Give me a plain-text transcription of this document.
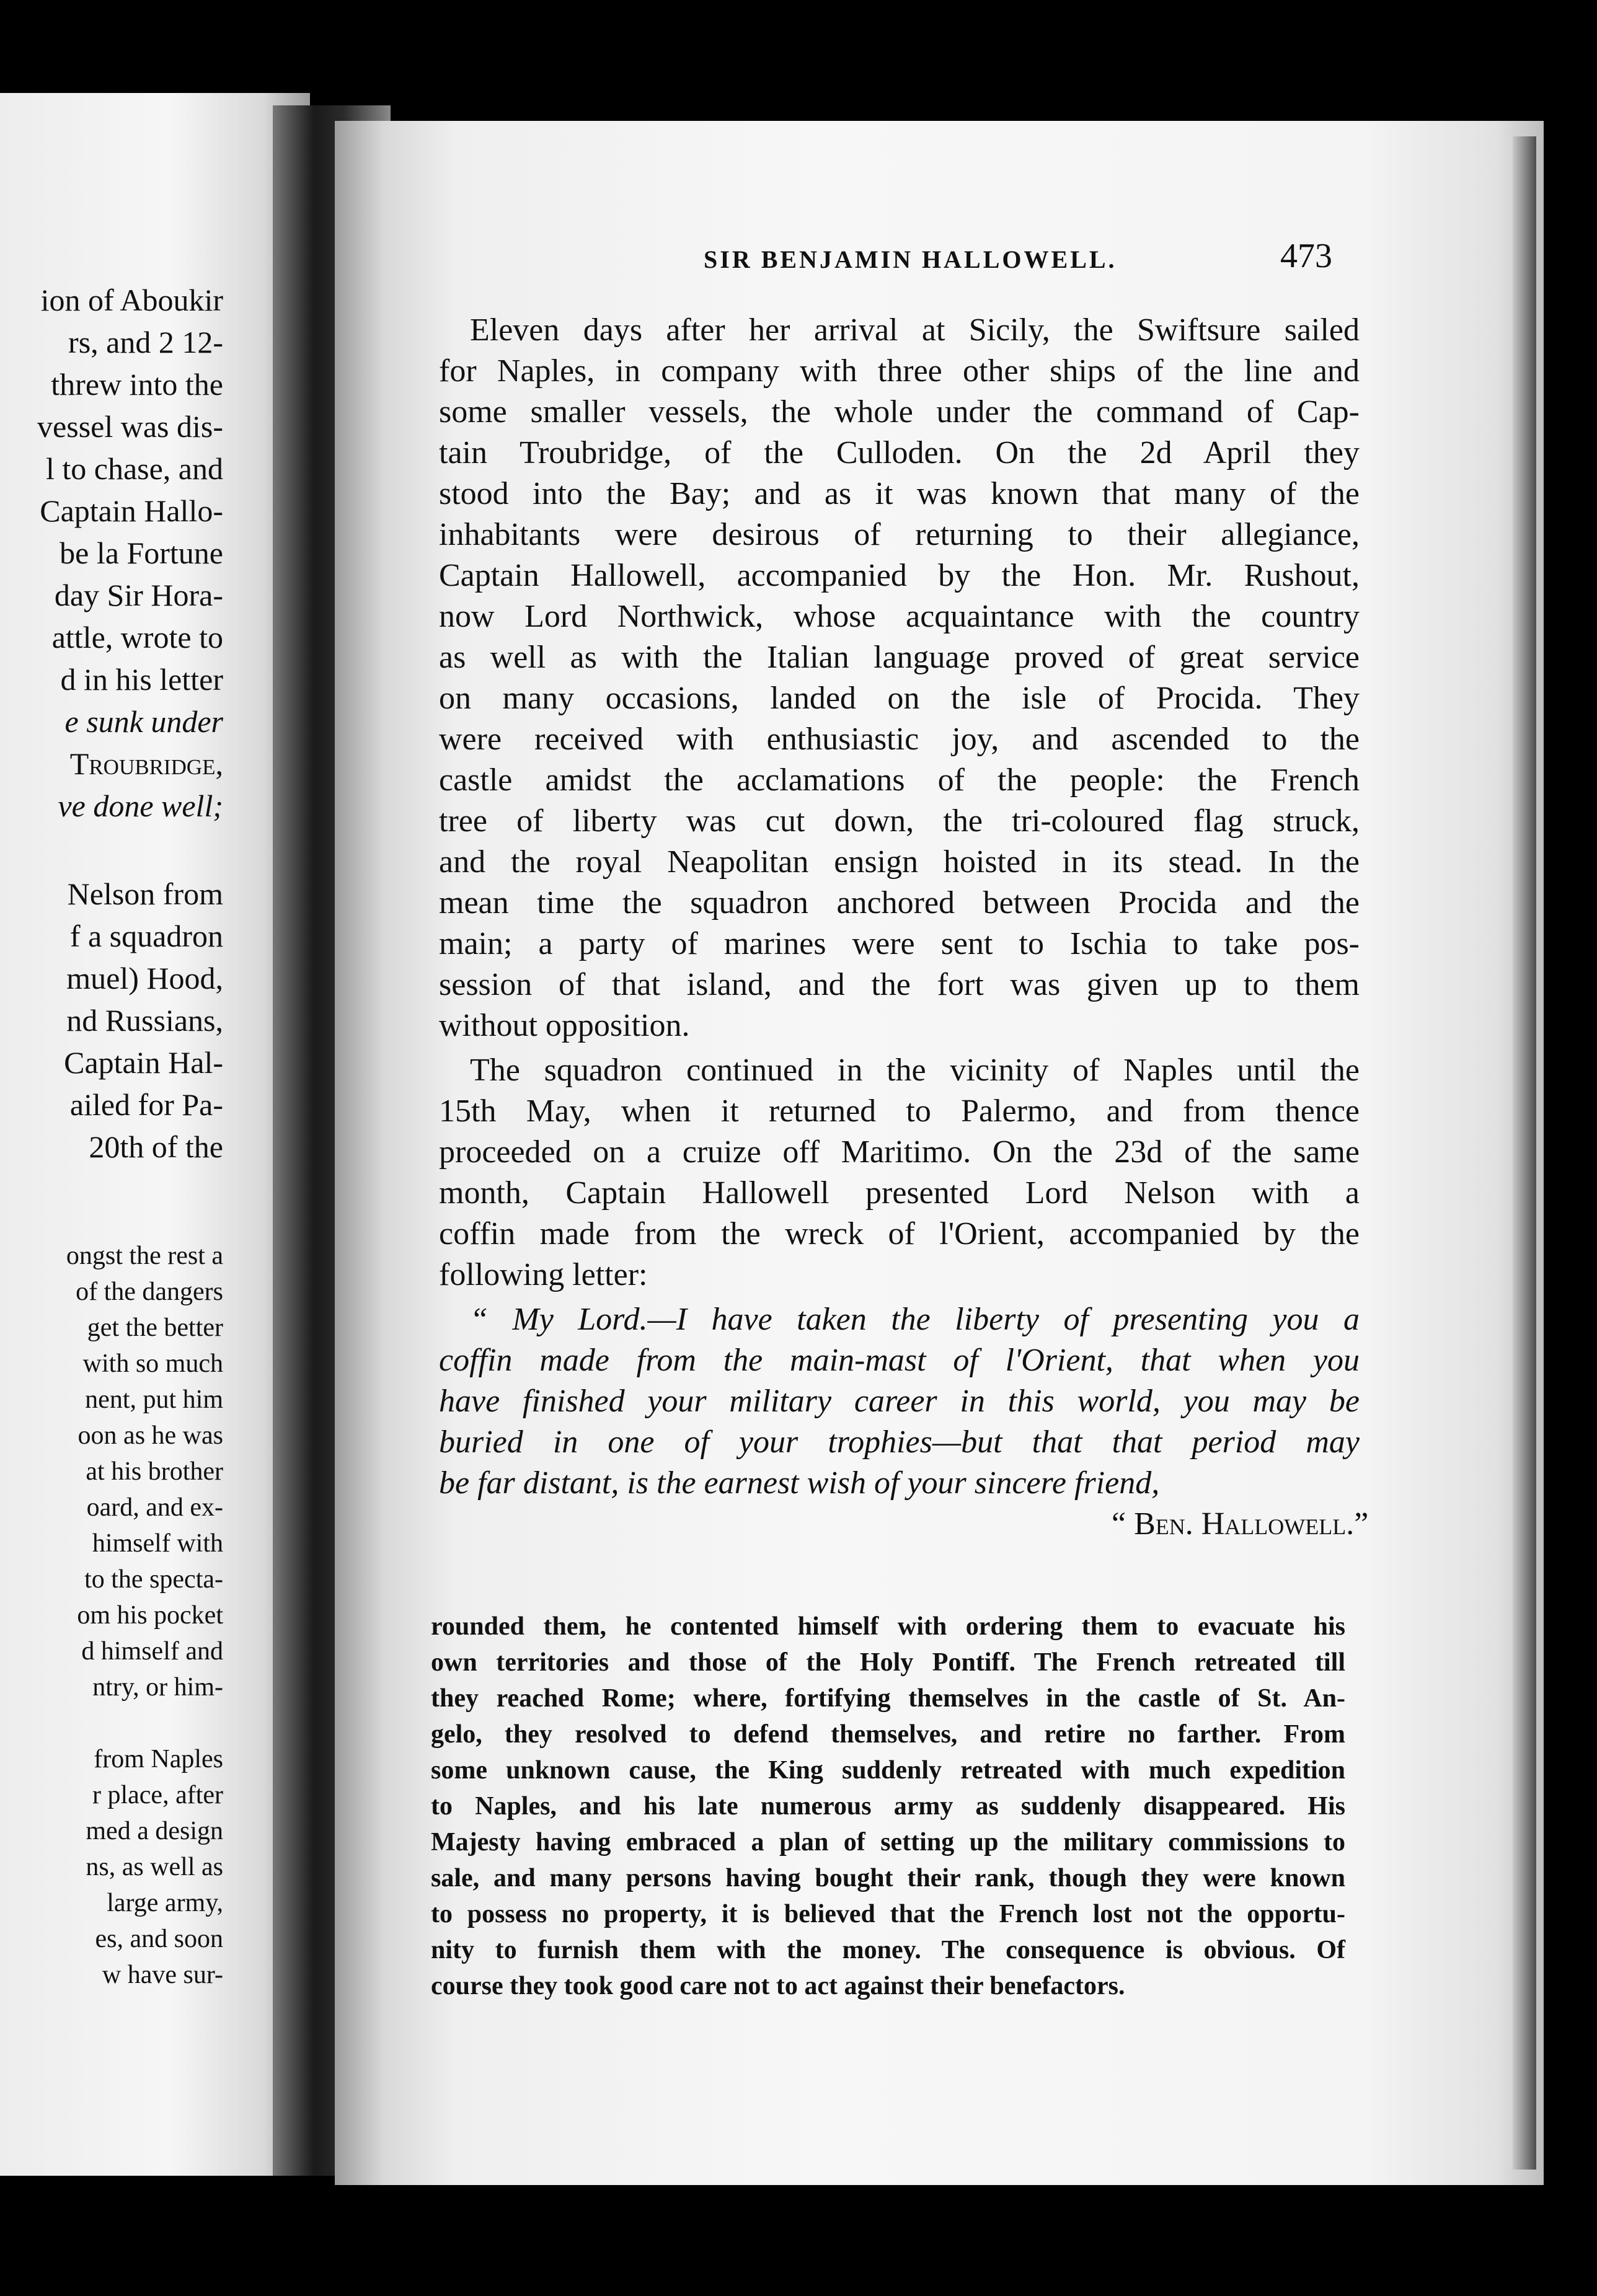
ion of Aboukir
rs, and 2 12-
threw into the
vessel was dis-
l to chase, and
Captain Hallo-
be la Fortune
day Sir Hora-
attle, wrote to
d in his letter
e sunk under
Troubridge,
ve done well;
Nelson from
f a squadron
muel) Hood,
nd Russians,
Captain Hal-
ailed for Pa-
20th of the
ongst the rest a
of the dangers
get the better
with so much
nent, put him
oon as he was
at his brother
oard, and ex-
himself with
to the specta-
om his pocket
d himself and
ntry, or him-
from Naples
r place, after
med a design
ns, as well as
large army,
es, and soon
w have sur-
SIR BENJAMIN HALLOWELL.	473
Eleven days after her arrival at Sicily, the Swiftsure sailed
for Naples, in company with three other ships of the line and
some smaller vessels, the whole under the command of Cap-
tain Troubridge, of the Culloden. On the 2d April they
stood into the Bay; and as it was known that many of the
inhabitants were desirous of returning to their allegiance,
Captain Hallowell, accompanied by the Hon. Mr. Rushout,
now Lord Northwick, whose acquaintance with the country
as well as with the Italian language proved of great service
on many occasions, landed on the isle of Procida. They
were received with enthusiastic joy, and ascended to the
castle amidst the acclamations of the people: the French
tree of liberty was cut down, the tri-coloured flag struck,
and the royal Neapolitan ensign hoisted in its stead. In the
mean time the squadron anchored between Procida and the
main; a party of marines were sent to Ischia to take pos-
session of that island, and the fort was given up to them
without opposition.
The squadron continued in the vicinity of Naples until the
15th May, when it returned to Palermo, and from thence
proceeded on a cruize off Maritimo. On the 23d of the same
month, Captain Hallowell presented Lord Nelson with a
coffin made from the wreck of l'Orient, accompanied by the
following letter:
“ My Lord.—I have taken the liberty of presenting you a
coffin made from the main-mast of l'Orient, that when you
have finished your military career in this world, you may be
buried in one of your trophies—but that that period may
be far distant, is the earnest wish of your sincere friend,
“ Ben. Hallowell.”
rounded them, he contented himself with ordering them to evacuate his
own territories and those of the Holy Pontiff. The French retreated till
they reached Rome; where, fortifying themselves in the castle of St. An-
gelo, they resolved to defend themselves, and retire no farther. From
some unknown cause, the King suddenly retreated with much expedition
to Naples, and his late numerous army as suddenly disappeared. His
Majesty having embraced a plan of setting up the military commissions to
sale, and many persons having bought their rank, though they were known
to possess no property, it is believed that the French lost not the opportu-
nity to furnish them with the money. The consequence is obvious. Of
course they took good care not to act against their benefactors.
